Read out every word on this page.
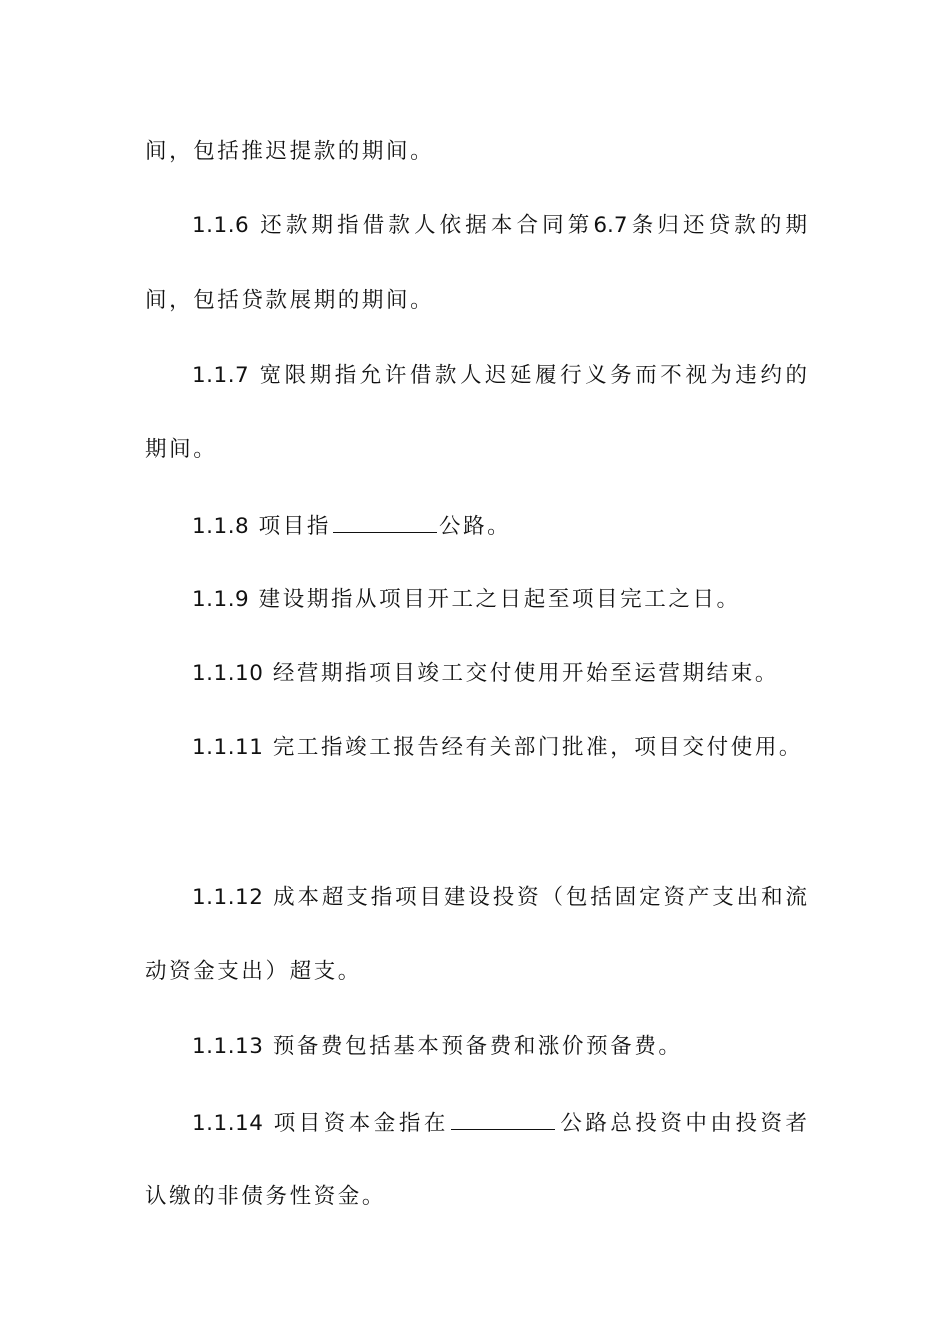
间，包括推迟提款的期间。
1.1.6 还款期指借款人依据本合同第6.7条归还贷款的期
间，包括贷款展期的期间。
1.1.7 宽限期指允许借款人迟延履行义务而不视为违约的
期间。
1.1.8 项目指	公路。
1.1.9 建设期指从项目开工之日起至项目完工之日。
1.1.10 经营期指项目竣工交付使用开始至运营期结束。
1.1.11 完工指竣工报告经有关部门批准，项目交付使用。
1.1.12 成本超支指项目建设投资（包括固定资产支出和流
动资金支出）超支。
1.1.13 预备费包括基本预备费和涨价预备费。
1.1.14 项目资本金指在	公路总投资中由投资者
认缴的非债务性资金。
